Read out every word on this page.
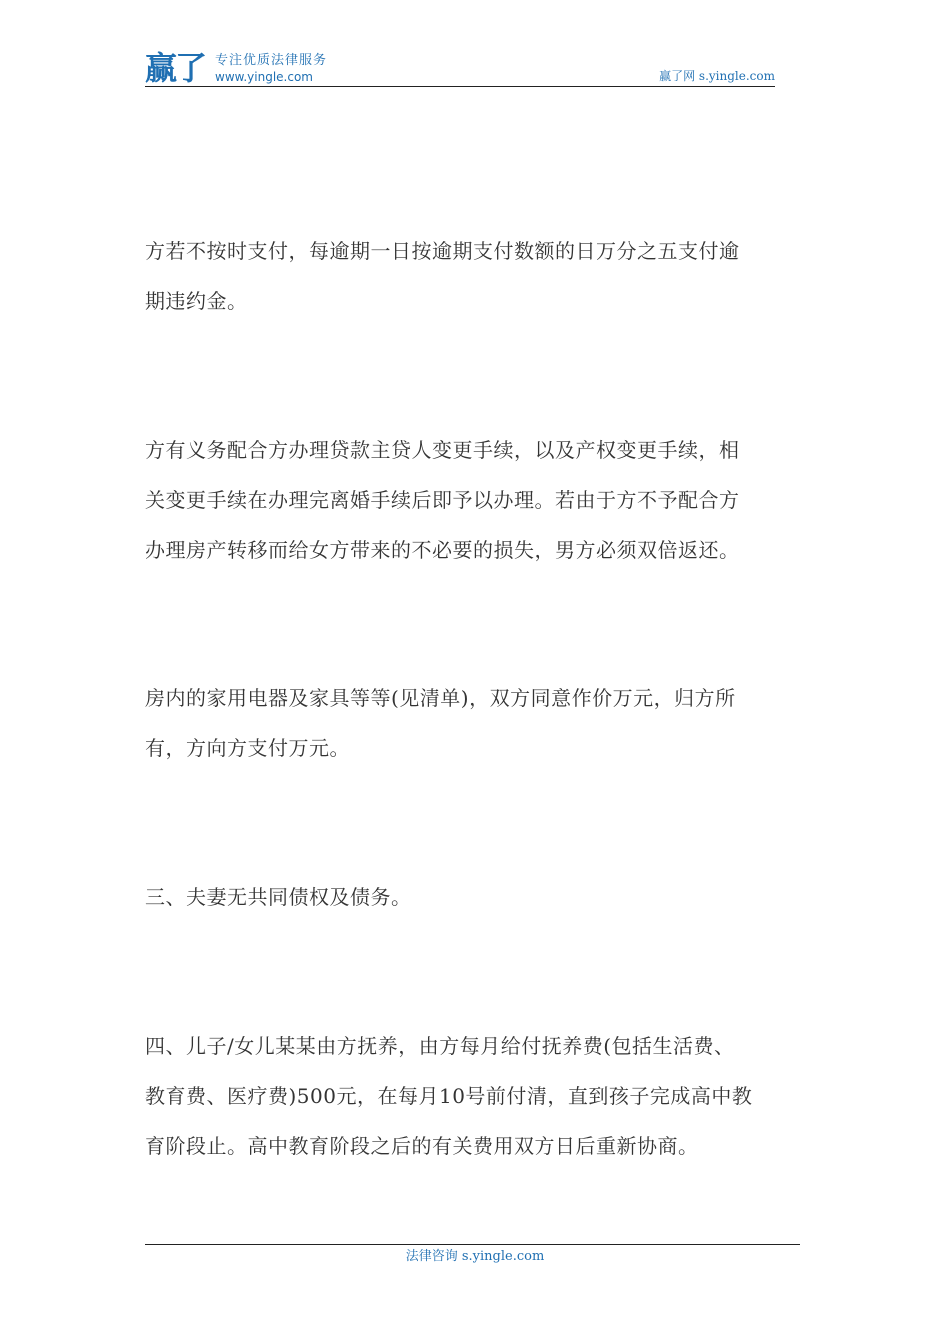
赢了 专注优质法律服务
www.yingle.com	赢了网 s.yingle.com
方若不按时支付，每逾期一日按逾期支付数额的日万分之五支付逾
期违约金。
方有义务配合方办理贷款主贷人变更手续，以及产权变更手续，相
关变更手续在办理完离婚手续后即予以办理。若由于方不予配合方
办理房产转移而给女方带来的不必要的损失，男方必须双倍返还。
房内的家用电器及家具等等(见清单)，双方同意作价万元，归方所
有，方向方支付万元。
三、夫妻无共同债权及债务。
四、儿子/女儿某某由方抚养，由方每月给付抚养费(包括生活费、
教育费、医疗费)500元，在每月10号前付清，直到孩子完成高中教
育阶段止。高中教育阶段之后的有关费用双方日后重新协商。
法律咨询 s.yingle.com
